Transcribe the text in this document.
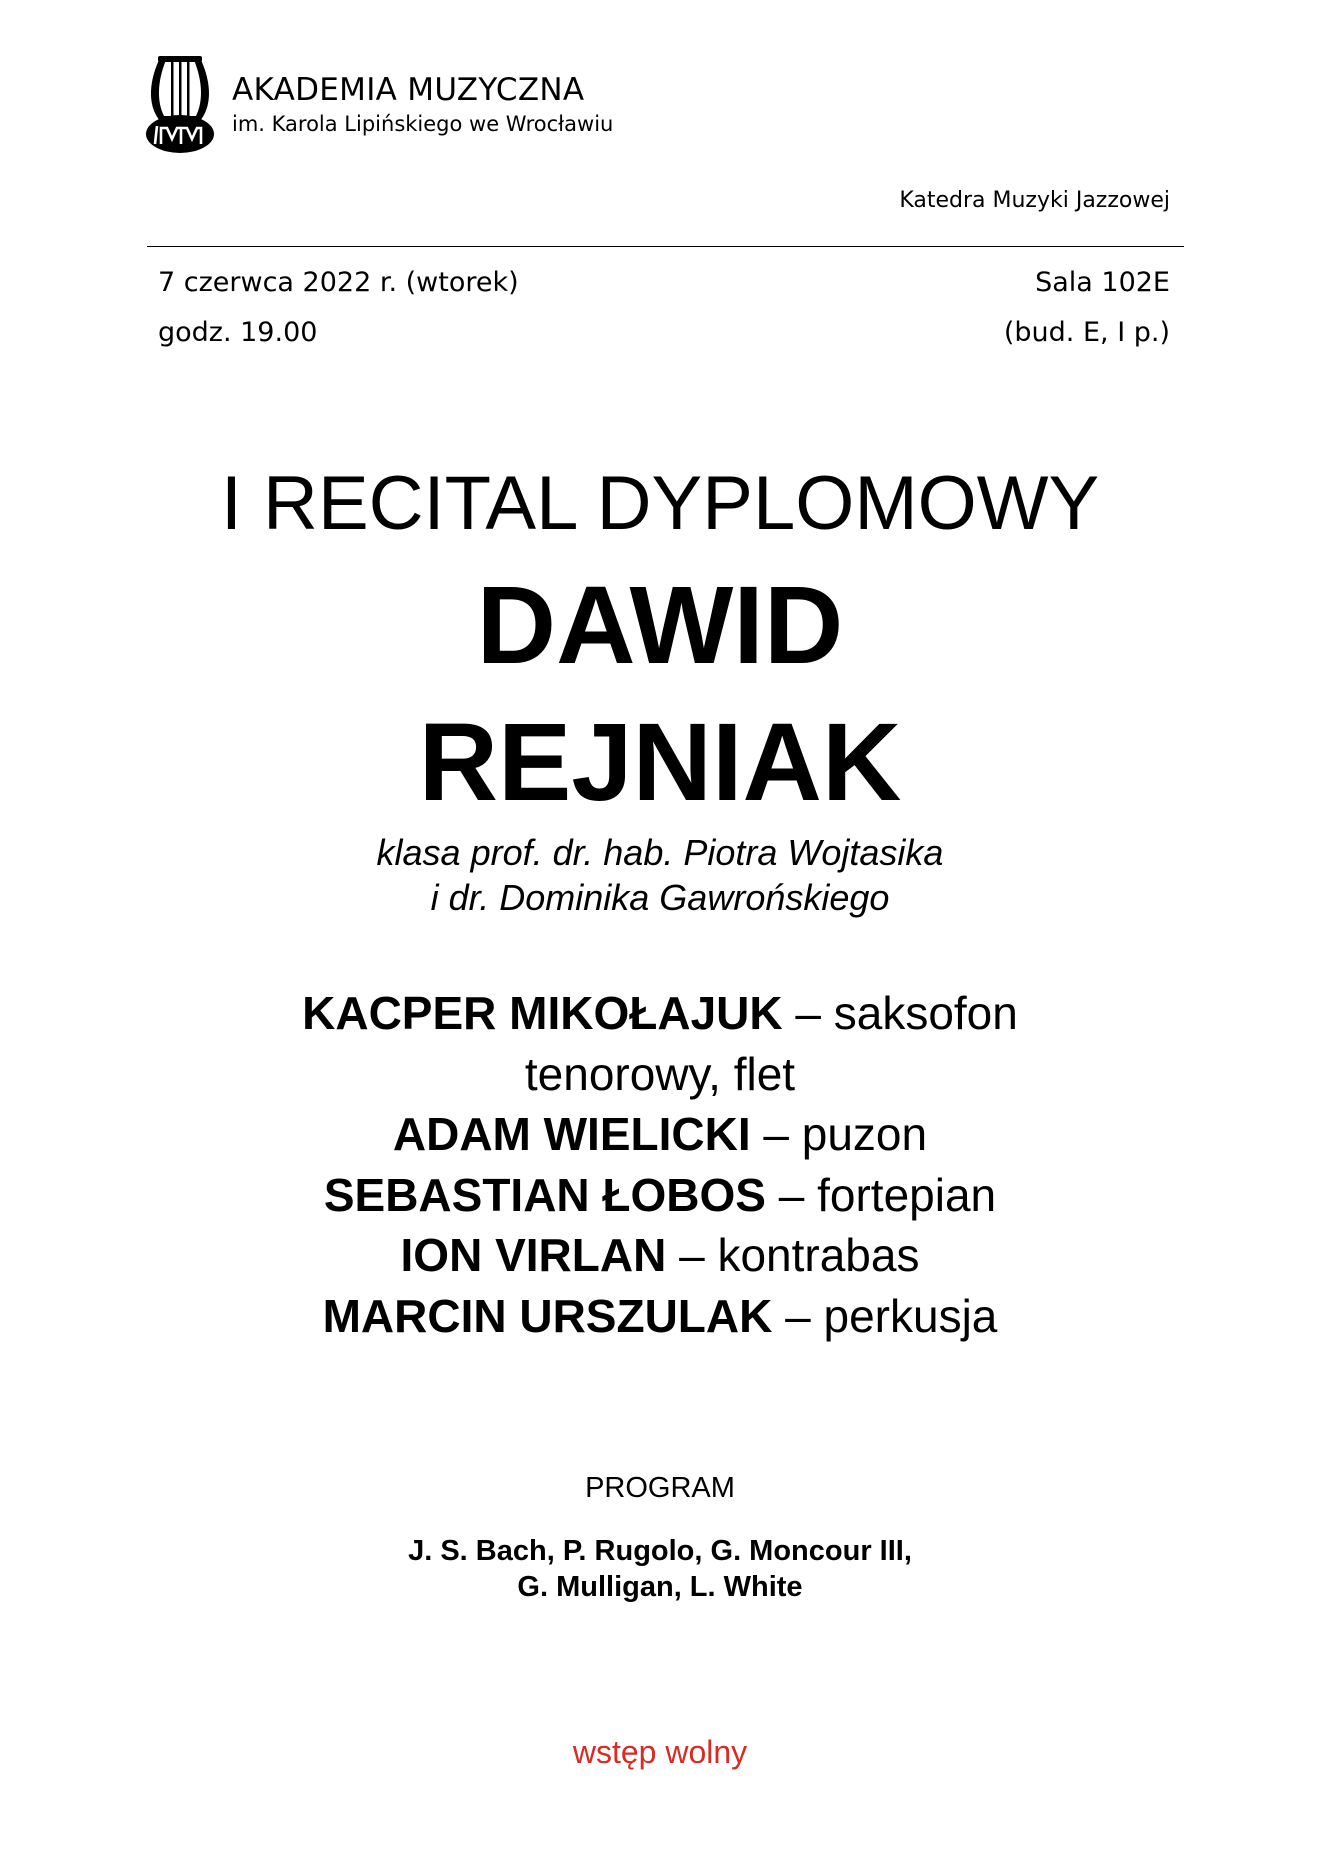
AKADEMIA MUZYCZNA
im. Karola Lipińskiego we Wrocławiu
Katedra Muzyki Jazzowej
7 czerwca 2022 r. (wtorek)
godz. 19.00
Sala 102E
(bud. E, I p.)
I RECITAL DYPLOMOWY
DAWID
REJNIAK
klasa prof. dr. hab. Piotra Wojtasika
i dr. Dominika Gawrońskiego
KACPER MIKOŁAJUK – saksofon
tenorowy, flet
ADAM WIELICKI – puzon
SEBASTIAN ŁOBOS – fortepian
ION VIRLAN – kontrabas
MARCIN URSZULAK – perkusja
PROGRAM
J. S. Bach, P. Rugolo, G. Moncour III,
G. Mulligan, L. White
wstęp wolny
